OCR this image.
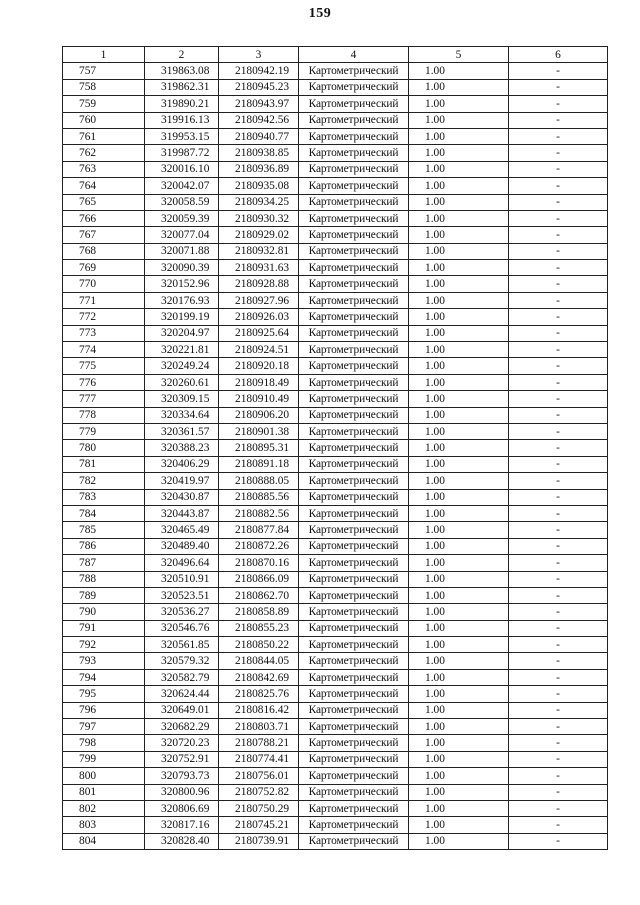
159
1	2	3	4	5	6
757	319863.08	2180942.19	Картометрический	1.00	-
758	319862.31	2180945.23	Картометрический	1.00	-
759	319890.21	2180943.97	Картометрический	1.00	-
760	319916.13	2180942.56	Картометрический	1.00	-
761	319953.15	2180940.77	Картометрический	1.00	-
762	319987.72	2180938.85	Картометрический	1.00	-
763	320016.10	2180936.89	Картометрический	1.00	-
764	320042.07	2180935.08	Картометрический	1.00	-
765	320058.59	2180934.25	Картометрический	1.00	-
766	320059.39	2180930.32	Картометрический	1.00	-
767	320077.04	2180929.02	Картометрический	1.00	-
768	320071.88	2180932.81	Картометрический	1.00	-
769	320090.39	2180931.63	Картометрический	1.00	-
770	320152.96	2180928.88	Картометрический	1.00	-
771	320176.93	2180927.96	Картометрический	1.00	-
772	320199.19	2180926.03	Картометрический	1.00	-
773	320204.97	2180925.64	Картометрический	1.00	-
774	320221.81	2180924.51	Картометрический	1.00	-
775	320249.24	2180920.18	Картометрический	1.00	-
776	320260.61	2180918.49	Картометрический	1.00	-
777	320309.15	2180910.49	Картометрический	1.00	-
778	320334.64	2180906.20	Картометрический	1.00	-
779	320361.57	2180901.38	Картометрический	1.00	-
780	320388.23	2180895.31	Картометрический	1.00	-
781	320406.29	2180891.18	Картометрический	1.00	-
782	320419.97	2180888.05	Картометрический	1.00	-
783	320430.87	2180885.56	Картометрический	1.00	-
784	320443.87	2180882.56	Картометрический	1.00	-
785	320465.49	2180877.84	Картометрический	1.00	-
786	320489.40	2180872.26	Картометрический	1.00	-
787	320496.64	2180870.16	Картометрический	1.00	-
788	320510.91	2180866.09	Картометрический	1.00	-
789	320523.51	2180862.70	Картометрический	1.00	-
790	320536.27	2180858.89	Картометрический	1.00	-
791	320546.76	2180855.23	Картометрический	1.00	-
792	320561.85	2180850.22	Картометрический	1.00	-
793	320579.32	2180844.05	Картометрический	1.00	-
794	320582.79	2180842.69	Картометрический	1.00	-
795	320624.44	2180825.76	Картометрический	1.00	-
796	320649.01	2180816.42	Картометрический	1.00	-
797	320682.29	2180803.71	Картометрический	1.00	-
798	320720.23	2180788.21	Картометрический	1.00	-
799	320752.91	2180774.41	Картометрический	1.00	-
800	320793.73	2180756.01	Картометрический	1.00	-
801	320800.96	2180752.82	Картометрический	1.00	-
802	320806.69	2180750.29	Картометрический	1.00	-
803	320817.16	2180745.21	Картометрический	1.00	-
804	320828.40	2180739.91	Картометрический	1.00	-
